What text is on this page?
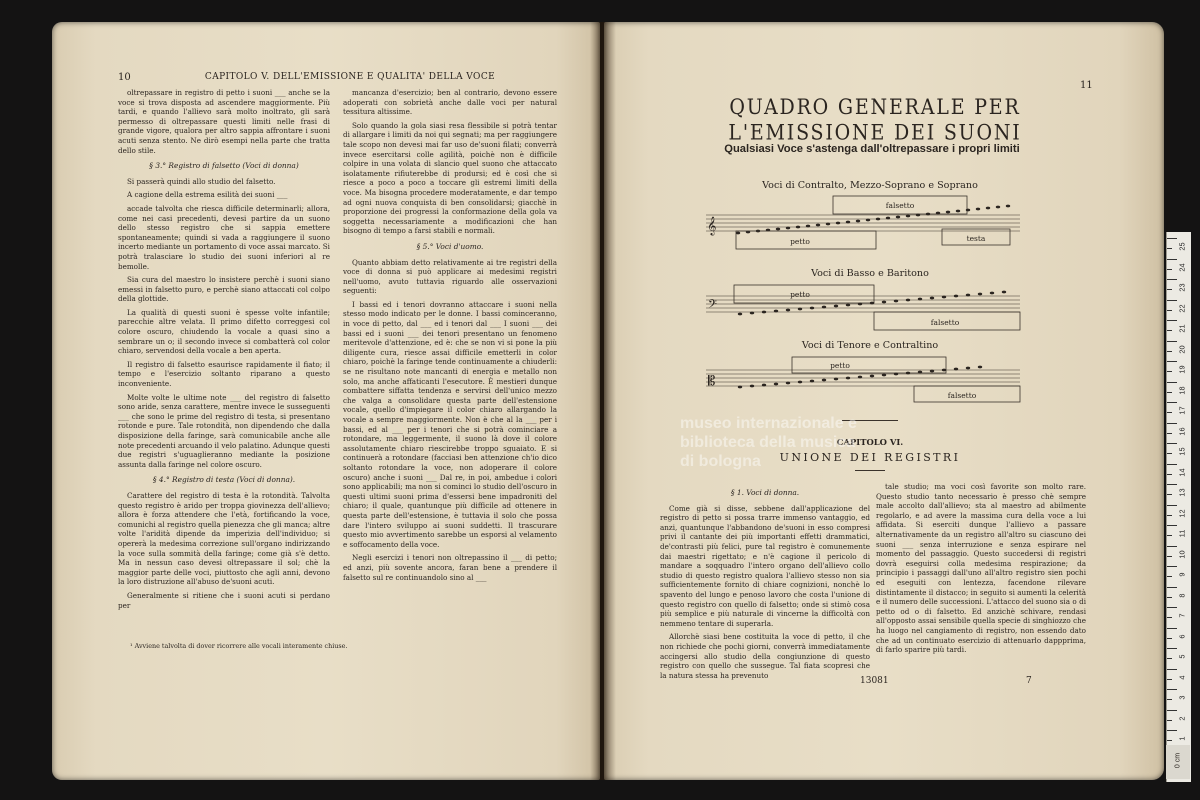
10	CAPITOLO V. DELL'EMISSIONE E QUALITA' DELLA VOCE

oltrepassare in registro di petto i suoni ___ anche se la voce si trova disposta ad ascendere maggiormente. Più tardi, e quando l'allievo sarà molto inoltrato, gli sarà permesso di oltrepassare questi limiti nelle frasi di grande vigore, qualora per altro sappia affrontare i suoni acuti senza stento. Ne dirò esempi nella parte che tratta dello stile.

§ 3.° Registro di falsetto (Voci di donna)

Si passerà quindi allo studio del falsetto.

A cagione della estrema esilità dei suoni ___

accade talvolta che riesca difficile determinarli; allora, come nei casi precedenti, devesi partire da un suono dello stesso registro che si sappia emettere spontaneamente; quindi si vada a raggiungere il suono incerto mediante un portamento di voce assai marcato. Si potrà tralasciare lo studio dei suoni inferiori al re bemolle.

Sia cura del maestro lo insistere perchè i suoni siano emessi in falsetto puro, e perchè siano attaccati col colpo della glottide.

La qualità di questi suoni è spesse volte infantile; parecchie altre velata. Il primo difetto correggesi col colore oscuro, chiudendo la vocale a quasi sino a sembrare un o; il secondo invece si combatterà col color chiaro, servendosi della vocale a ben aperta.

Il registro di falsetto esaurisce rapidamente il fiato; il tempo e l'esercizio soltanto riparano a questo inconveniente.

Molte volte le ultime note ___ del registro di falsetto sono aride, senza carattere, mentre invece le susseguenti ___ che sono le prime del registro di testa, si presentano rotonde e pure. Tale rotondità, non dipendendo che dalla disposizione della faringe, sarà comunicabile anche alle note precedenti arcuando il velo palatino. Adunque questi due registri s'uguaglieranno mediante la posizione assunta dalla faringe nel colore oscuro.

§ 4.° Registro di testa (Voci di donna).

Carattere del registro di testa è la rotondità. Talvolta questo registro è arido per troppa giovinezza dell'allievo; allora è forza attendere che l'età, fortificando la voce, comunichi al registro quella pienezza che gli manca; altre volte l'aridità dipende da imperizia dell'individuo; si opererà la medesima correzione sull'organo indirizzando la voce sulla sommità della faringe; come già s'è detto. Ma in nessun caso devesi oltrepassare il sol; chè la maggior parte delle voci, piuttosto che agli anni, devono la loro distruzione all'abuso de'suoni acuti.

Generalmente si ritiene che i suoni acuti si perdano per

¹ Avviene talvolta di dover ricorrere alle vocali interamente chiuse.

mancanza d'esercizio; ben al contrario, devono essere adoperati con sobrietà anche dalle voci per natural tessitura altissime.

Solo quando la gola siasi resa flessibile si potrà tentar di allargare i limiti da noi qui segnati; ma per raggiungere tale scopo non devesi mai far uso de'suoni filati; converrà invece esercitarsi colle agilità, poichè non è difficile colpire in una volata di slancio quel suono che attaccato isolatamente rifiuterebbe di prodursi; ed è così che si riesce a poco a poco a toccare gli estremi limiti della voce. Ma bisogna procedere moderatamente, e dar tempo ad ogni nuova conquista di ben consolidarsi; giacchè in proporzione dei progressi la conformazione della gola va soggetta necessariamente a modificazioni che han bisogno di tempo a farsi stabili e normali.

§ 5.° Voci d'uomo.

Quanto abbiam detto relativamente ai tre registri della voce di donna si può applicare ai medesimi registri nell'uomo, avuto tuttavia riguardo alle osservazioni seguenti:

I bassi ed i tenori dovranno attaccare i suoni nella stesso modo indicato per le donne. I bassi cominceranno, in voce di petto, dal ___ ed i tenori dal ___ I suoni ___ dei bassi ed i suoni ___ dei tenori presentano un fenomeno meritevole d'attenzione, ed è: che se non vi si pone la più diligente cura, riesce assai difficile emetterli in color chiaro, poichè la faringe tende continuamente a chiuderli: se ne risultano note mancanti di energia e metallo non solo, ma anche affaticanti l'esecutore. È mestieri dunque combattere siffatta tendenza e servirsi dell'unico mezzo che valga a consolidare questa parte dell'estensione vocale, quello d'impiegare il color chiaro allargando la vocale a sempre maggiormente. Non è che al la ___ per i bassi, ed al ___ per i tenori che si potrà cominciare a rotondare, ma leggermente, il suono là dove il colore assolutamente chiaro riescirebbe troppo sguaiato. E si continuerà a rotondare (facciasi ben attenzione ch'io dico soltanto rotondare la voce, non adoperare il colore oscuro) anche i suoni ___ Dal re, in poi, ambedue i colori sono applicabili; ma non si cominci lo studio dell'oscuro in questi ultimi suoni prima d'essersi bene impadroniti del chiaro; il quale, quantunque più difficile ad ottenere in questa parte dell'estensione, è tuttavia il solo che possa dare l'intero sviluppo ai suoni suddetti. Il trascurare questo mio avvertimento sarebbe un esporsi al velamento e soffocamento della voce.

Negli esercizi i tenori non oltrepassino il ___ di petto; ed anzi, più sovente ancora, faran bene a prendere il falsetto sul re continuandolo sino al ___

11
QUADRO GENERALE PER L'EMISSIONE DEI SUONI
Qualsiasi Voce s'astenga dall'oltrepassare i propri limiti
Voci di Contralto, Mezzo-Soprano e Soprano
falsetto
𝄞
petto	testa
Voci di Basso e Baritono
petto
𝄢
falsetto
Voci di Tenore e Contraltino
petto
𝄡
falsetto
CAPITOLO VI.
UNIONE DEI REGISTRI
§ 1. Voci di donna.

Come già si disse, sebbene dall'applicazione del registro di petto si possa trarre immenso vantaggio, ed anzi, quantunque l'abbandono de'suoni in esso compresi privi il cantante dei più importanti effetti drammatici, de'contrasti più felici, pure tal registro è comunemente dai maestri rigettato; e n'è cagione il pericolo di mandare a soqquadro l'intero organo dell'allievo collo studio di questo registro qualora l'allievo stesso non sia sufficientemente fornito di chiare cognizioni, nonchè lo spavento del lungo e penoso lavoro che costa l'unione di questo registro con quello di falsetto; onde si stimò cosa più semplice e più naturale di vincerne la difficoltà con nemmeno tentare di superarla.

Allorchè siasi bene costituita la voce di petto, il che non richiede che pochi giorni, converrà immediatamente accingersi allo studio della congiunzione di questo registro con quello che sussegue. Tal fiata scopresi che la natura stessa ha prevenuto

tale studio; ma voci così favorite son molto rare. Questo studio tanto necessario è presso chè sempre male accolto dall'allievo; sta al maestro ad abilmente regolarlo, e ad avere la massima cura della voce a lui affidata. Si eserciti dunque l'allievo a passare alternativamente da un registro all'altro su ciascuno dei suoni ___ senza interruzione e senza espirare nel momento del passaggio. Questo succedersi di registri dovrà eseguirsi colla medesima respirazione; da principio i passaggi dall'uno all'altro registro sien pochi ed eseguiti con lentezza, facendone rilevare distintamente il distacco; in seguito si aumenti la celerità e il numero delle successioni. L'attacco del suono sia o di petto od o di falsetto. Ed anzichè schivare, rendasi all'opposto assai sensibile quella specie di singhiozzo che ha luogo nel cangiamento di registro, non essendo dato che ad un continuato esercizio di attenuarlo dappprima, di farlo sparire più tardi.

13081	7
museo internazionale e biblioteca della musica di bologna
25
24
23
22
21
20
19
18
17
16
15
14
13
12
11
10
9
8
7
6
5
4
3
2
1
0 cm
